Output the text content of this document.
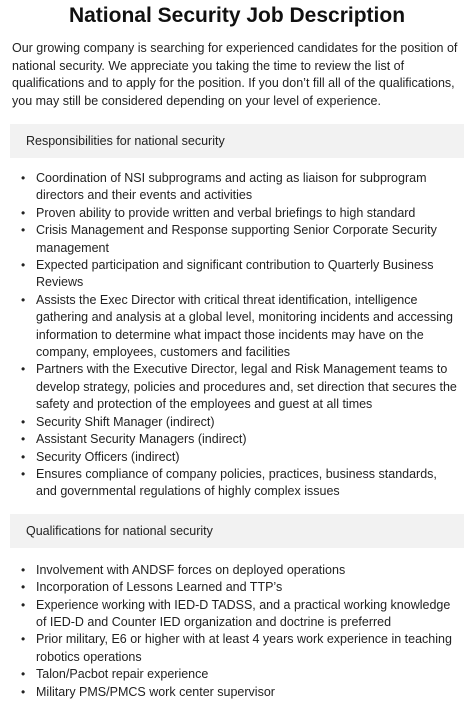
National Security Job Description

Our growing company is searching for experienced candidates for the position of national security. We appreciate you taking the time to review the list of qualifications and to apply for the position. If you don’t fill all of the qualifications, you may still be considered depending on your level of experience.

Responsibilities for national security
• Coordination of NSI subprograms and acting as liaison for subprogram directors and their events and activities
• Proven ability to provide written and verbal briefings to high standard
• Crisis Management and Response supporting Senior Corporate Security management
• Expected participation and significant contribution to Quarterly Business Reviews
• Assists the Exec Director with critical threat identification, intelligence gathering and analysis at a global level, monitoring incidents and accessing information to determine what impact those incidents may have on the company, employees, customers and facilities
• Partners with the Executive Director, legal and Risk Management teams to develop strategy, policies and procedures and, set direction that secures the safety and protection of the employees and guest at all times
• Security Shift Manager (indirect)
• Assistant Security Managers (indirect)
• Security Officers (indirect)
• Ensures compliance of company policies, practices, business standards, and governmental regulations of highly complex issues
Qualifications for national security
• Involvement with ANDSF forces on deployed operations
• Incorporation of Lessons Learned and TTP’s
• Experience working with IED-D TADSS, and a practical working knowledge of IED-D and Counter IED organization and doctrine is preferred
• Prior military, E6 or higher with at least 4 years work experience in teaching robotics operations
• Talon/Pacbot repair experience
• Military PMS/PMCS work center supervisor
